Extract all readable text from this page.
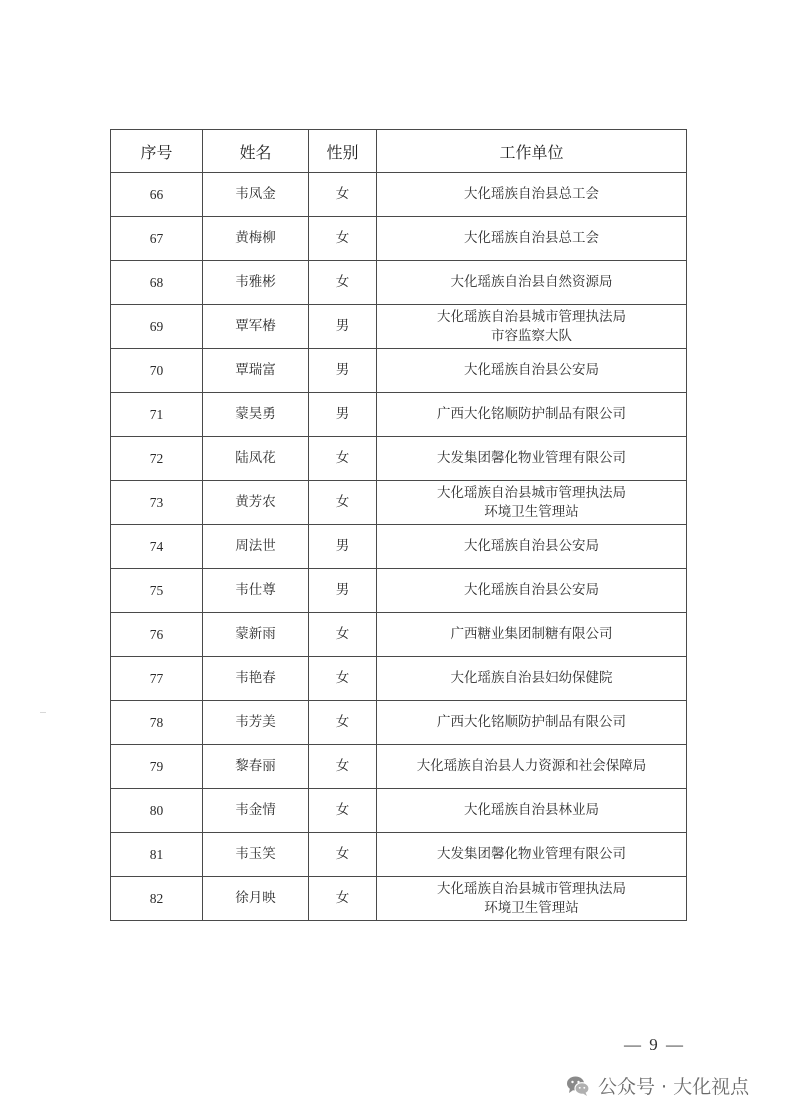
序号	姓名	性别	工作单位
66	韦凤金	女	大化瑶族自治县总工会

67	黄梅柳	女	大化瑶族自治县总工会

68	韦雅彬	女	大化瑶族自治县自然资源局

69	覃军椿	男	大化瑶族自治县城市管理执法局
市容监察大队

70	覃瑞富	男	大化瑶族自治县公安局

71	蒙昊勇	男	广西大化铭顺防护制品有限公司

72	陆凤花	女	大发集团馨化物业管理有限公司

73	黄芳农	女	大化瑶族自治县城市管理执法局
环境卫生管理站

74	周法世	男	大化瑶族自治县公安局

75	韦仕尊	男	大化瑶族自治县公安局

76	蒙新雨	女	广西糖业集团制糖有限公司

77	韦艳春	女	大化瑶族自治县妇幼保健院

78	韦芳美	女	广西大化铭顺防护制品有限公司

79	黎春丽	女	大化瑶族自治县人力资源和社会保障局

80	韦金情	女	大化瑶族自治县林业局

81	韦玉笑	女	大发集团馨化物业管理有限公司

82	徐月映	女	大化瑶族自治县城市管理执法局
环境卫生管理站
— 9 —
公众号 · 大化视点
